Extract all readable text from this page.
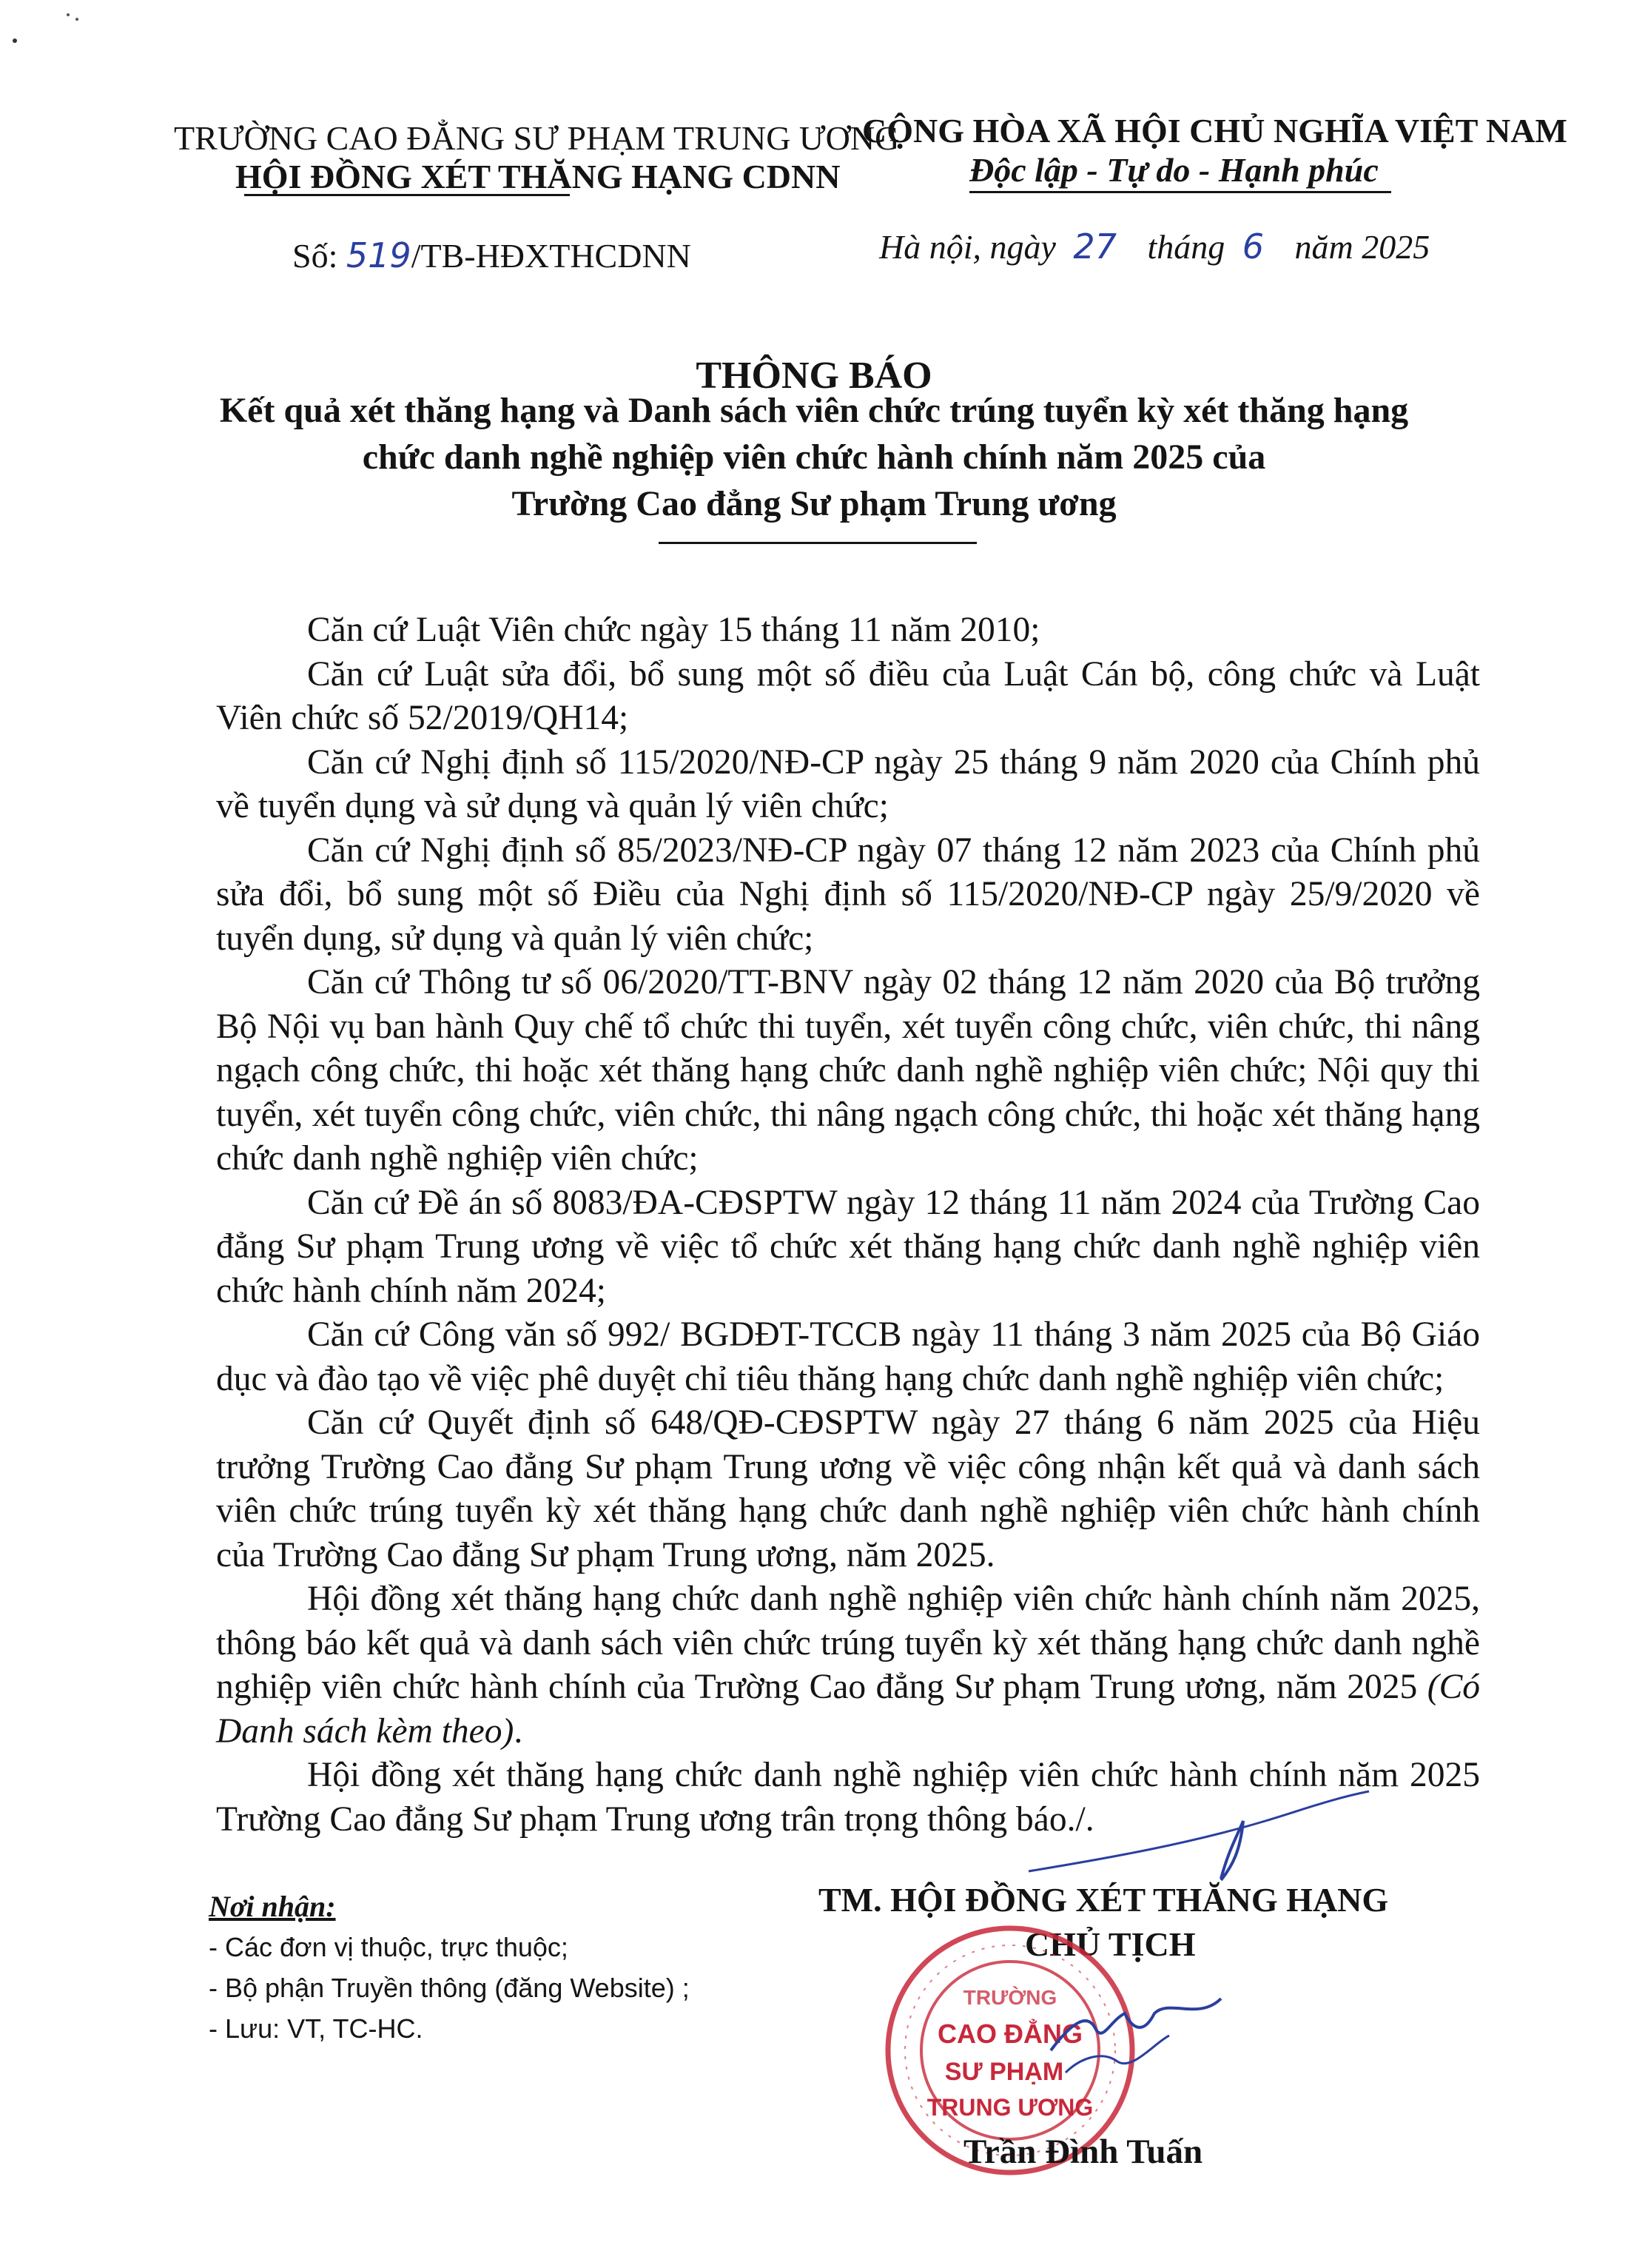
TRƯỜNG CAO ĐẲNG SƯ PHẠM TRUNG ƯƠNG
HỘI ĐỒNG XÉT THĂNG HẠNG CDNN
CỘNG HÒA XÃ HỘI CHỦ NGHĨA VIỆT NAM
Độc lập - Tự do - Hạnh phúc
Số: 519/TB-HĐXTHCDNN	Hà nội, ngày 27 tháng 6 năm 2025
THÔNG BÁO
Kết quả xét thăng hạng và Danh sách viên chức trúng tuyển kỳ xét thăng hạng
chức danh nghề nghiệp viên chức hành chính năm 2025 của
Trường Cao đẳng Sư phạm Trung ương

Căn cứ Luật Viên chức ngày 15 tháng 11 năm 2010;

Căn cứ Luật sửa đổi, bổ sung một số điều của Luật Cán bộ, công chức và Luật Viên chức số 52/2019/QH14;

Căn cứ Nghị định số 115/2020/NĐ-CP ngày 25 tháng 9 năm 2020 của Chính phủ về tuyển dụng và sử dụng và quản lý viên chức;

Căn cứ Nghị định số 85/2023/NĐ-CP ngày 07 tháng 12 năm 2023 của Chính phủ sửa đổi, bổ sung một số Điều của Nghị định số 115/2020/NĐ-CP ngày 25/9/2020 về tuyển dụng, sử dụng và quản lý viên chức;

Căn cứ Thông tư số 06/2020/TT-BNV ngày 02 tháng 12 năm 2020 của Bộ trưởng Bộ Nội vụ ban hành Quy chế tổ chức thi tuyển, xét tuyển công chức, viên chức, thi nâng ngạch công chức, thi hoặc xét thăng hạng chức danh nghề nghiệp viên chức; Nội quy thi tuyển, xét tuyển công chức, viên chức, thi nâng ngạch công chức, thi hoặc xét thăng hạng chức danh nghề nghiệp viên chức;

Căn cứ Đề án số 8083/ĐA-CĐSPTW ngày 12 tháng 11 năm 2024 của Trường Cao đẳng Sư phạm Trung ương về việc tổ chức xét thăng hạng chức danh nghề nghiệp viên chức hành chính năm 2024;

Căn cứ Công văn số 992/ BGDĐT-TCCB ngày 11 tháng 3 năm 2025 của Bộ Giáo dục và đào tạo về việc phê duyệt chỉ tiêu thăng hạng chức danh nghề nghiệp viên chức;

Căn cứ Quyết định số 648/QĐ-CĐSPTW ngày 27 tháng 6 năm 2025 của Hiệu trưởng Trường Cao đẳng Sư phạm Trung ương về việc công nhận kết quả và danh sách viên chức trúng tuyển kỳ xét thăng hạng chức danh nghề nghiệp viên chức hành chính của Trường Cao đẳng Sư phạm Trung ương, năm 2025.

Hội đồng xét thăng hạng chức danh nghề nghiệp viên chức hành chính năm 2025, thông báo kết quả và danh sách viên chức trúng tuyển kỳ xét thăng hạng chức danh nghề nghiệp viên chức hành chính của Trường Cao đẳng Sư phạm Trung ương, năm 2025 (Có Danh sách kèm theo).

Hội đồng xét thăng hạng chức danh nghề nghiệp viên chức hành chính năm 2025 Trường Cao đẳng Sư phạm Trung ương trân trọng thông báo./.

Nơi nhận:
- Các đơn vị thuộc, trực thuộc;
- Bộ phận Truyền thông (đăng Website) ;
- Lưu: VT, TC-HC.
TM. HỘI ĐỒNG XÉT THĂNG HẠNG
CHỦ TỊCH
TRƯỜNG
CAO ĐẲNG
SƯ PHẠM
TRUNG ƯƠNG
Trần Đình Tuấn
